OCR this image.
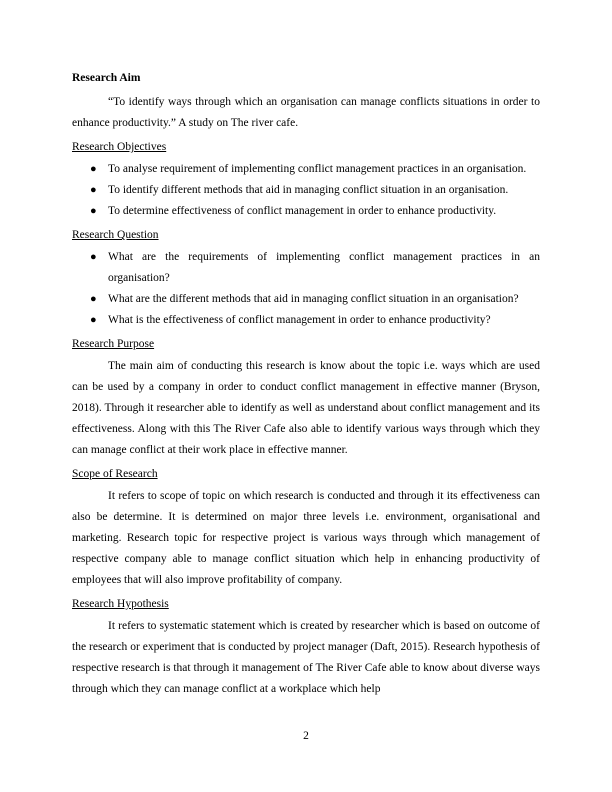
Research Aim

“To identify ways through which an organisation can manage conflicts situations in order to enhance productivity.” A study on The river cafe.

Research Objectives

● To analyse requirement of implementing conflict management practices in an organisation.
● To identify different methods that aid in managing conflict situation in an organisation.
● To determine effectiveness of conflict management in order to enhance productivity.

Research Question

● What are the requirements of implementing conflict management practices in an organisation?
● What are the different methods that aid in managing conflict situation in an organisation?
● What is the effectiveness of conflict management in order to enhance productivity?

Research Purpose

The main aim of conducting this research is know about the topic i.e. ways which are used can be used by a company in order to conduct conflict management in effective manner (Bryson, 2018). Through it researcher able to identify as well as understand about conflict management and its effectiveness. Along with this The River Cafe also able to identify various ways through which they can manage conflict at their work place in effective manner.

Scope of Research

It refers to scope of topic on which research is conducted and through it its effectiveness can also be determine. It is determined on major three levels i.e. environment, organisational and marketing. Research topic for respective project is various ways through which management of respective company able to manage conflict situation which help in enhancing productivity of employees that will also improve profitability of company.

Research Hypothesis

It refers to systematic statement which is created by researcher which is based on outcome of the research or experiment that is conducted by project manager (Daft, 2015). Research hypothesis of respective research is that through it management of The River Cafe able to know about diverse ways through which they can manage conflict at a workplace which help

2
